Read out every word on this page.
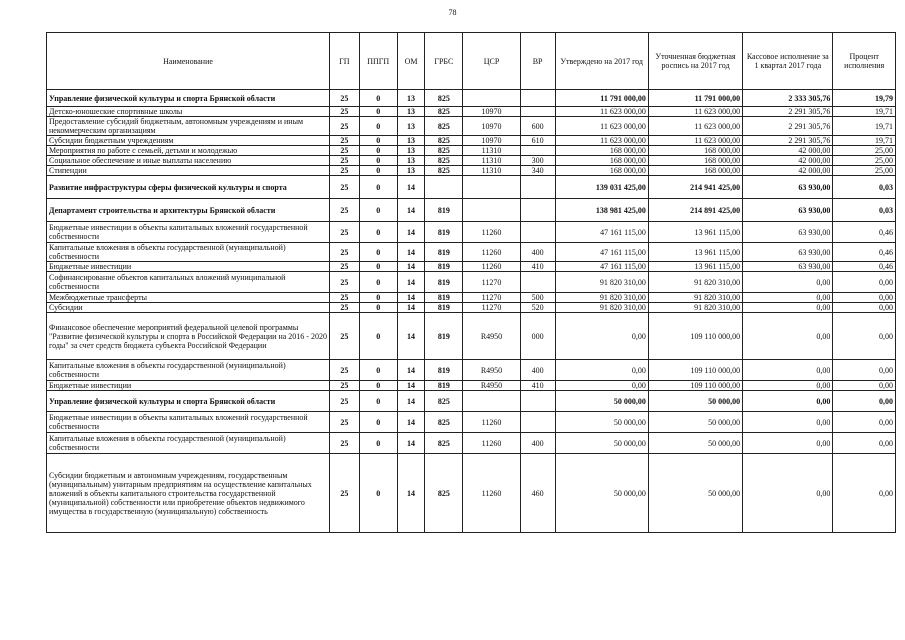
78
Наименование	ГП	ППГП	ОМ	ГРБС	ЦСР	ВР	Утверждено на 2017 год	Уточненная бюджетная роспись на 2017 год	Кассовое исполнение за 1 квартал 2017 года	Процент исполнения
Управление физической культуры и спорта Брянской области	25	0	13	825			11 791 000,00	11 791 000,00	2 333 305,76	19,79
Детско-юношеские спортивные школы	25	0	13	825	10970		11 623 000,00	11 623 000,00	2 291 305,76	19,71
Предоставление субсидий бюджетным, автономным учреждениям и иным некоммерческим организациям	25	0	13	825	10970	600	11 623 000,00	11 623 000,00	2 291 305,76	19,71
Субсидии бюджетным учреждениям	25	0	13	825	10970	610	11 623 000,00	11 623 000,00	2 291 305,76	19,71
Мероприятия по работе с семьей, детьми и молодежью	25	0	13	825	11310		168 000,00	168 000,00	42 000,00	25,00
Социальное обеспечение и иные выплаты населению	25	0	13	825	11310	300	168 000,00	168 000,00	42 000,00	25,00
Стипендии	25	0	13	825	11310	340	168 000,00	168 000,00	42 000,00	25,00
Развитие инфраструктуры сферы физической культуры и спорта	25	0	14				139 031 425,00	214 941 425,00	63 930,00	0,03
Департамент строительства и архитектуры Брянской области	25	0	14	819			138 981 425,00	214 891 425,00	63 930,00	0,03
Бюджетные инвестиции в объекты капитальных вложений государственной собственности	25	0	14	819	11260		47 161 115,00	13 961 115,00	63 930,00	0,46
Капитальные вложения в объекты государственной (муниципальной) собственности	25	0	14	819	11260	400	47 161 115,00	13 961 115,00	63 930,00	0,46
Бюджетные инвестиции	25	0	14	819	11260	410	47 161 115,00	13 961 115,00	63 930,00	0,46
Софинансирование объектов капитальных вложений муниципальной собственности	25	0	14	819	11270		91 820 310,00	91 820 310,00	0,00	0,00
Межбюджетные трансферты	25	0	14	819	11270	500	91 820 310,00	91 820 310,00	0,00	0,00
Субсидии	25	0	14	819	11270	520	91 820 310,00	91 820 310,00	0,00	0,00
Финансовое обеспечение мероприятий федеральной целевой программы "Развитие физической культуры и спорта в Российской Федерации на 2016 - 2020 годы" за счет средств бюджета субъекта Российской Федерации	25	0	14	819	R4950	000	0,00	109 110 000,00	0,00	0,00
Капитальные вложения в объекты государственной (муниципальной) собственности	25	0	14	819	R4950	400	0,00	109 110 000,00	0,00	0,00
Бюджетные инвестиции	25	0	14	819	R4950	410	0,00	109 110 000,00	0,00	0,00
Управление физической культуры и спорта Брянской области	25	0	14	825			50 000,00	50 000,00	0,00	0,00
Бюджетные инвестиции в объекты капитальных вложений государственной собственности	25	0	14	825	11260		50 000,00	50 000,00	0,00	0,00
Капитальные вложения в объекты государственной (муниципальной) собственности	25	0	14	825	11260	400	50 000,00	50 000,00	0,00	0,00
Субсидии бюджетным и автономным учреждениям, государственным (муниципальным) унитарным предприятиям на осуществление капитальных вложений в объекты капитального строительства государственной (муниципальной) собственности или приобретение объектов недвижимого имущества в государственную (муниципальную) собственность	25	0	14	825	11260	460	50 000,00	50 000,00	0,00	0,00
